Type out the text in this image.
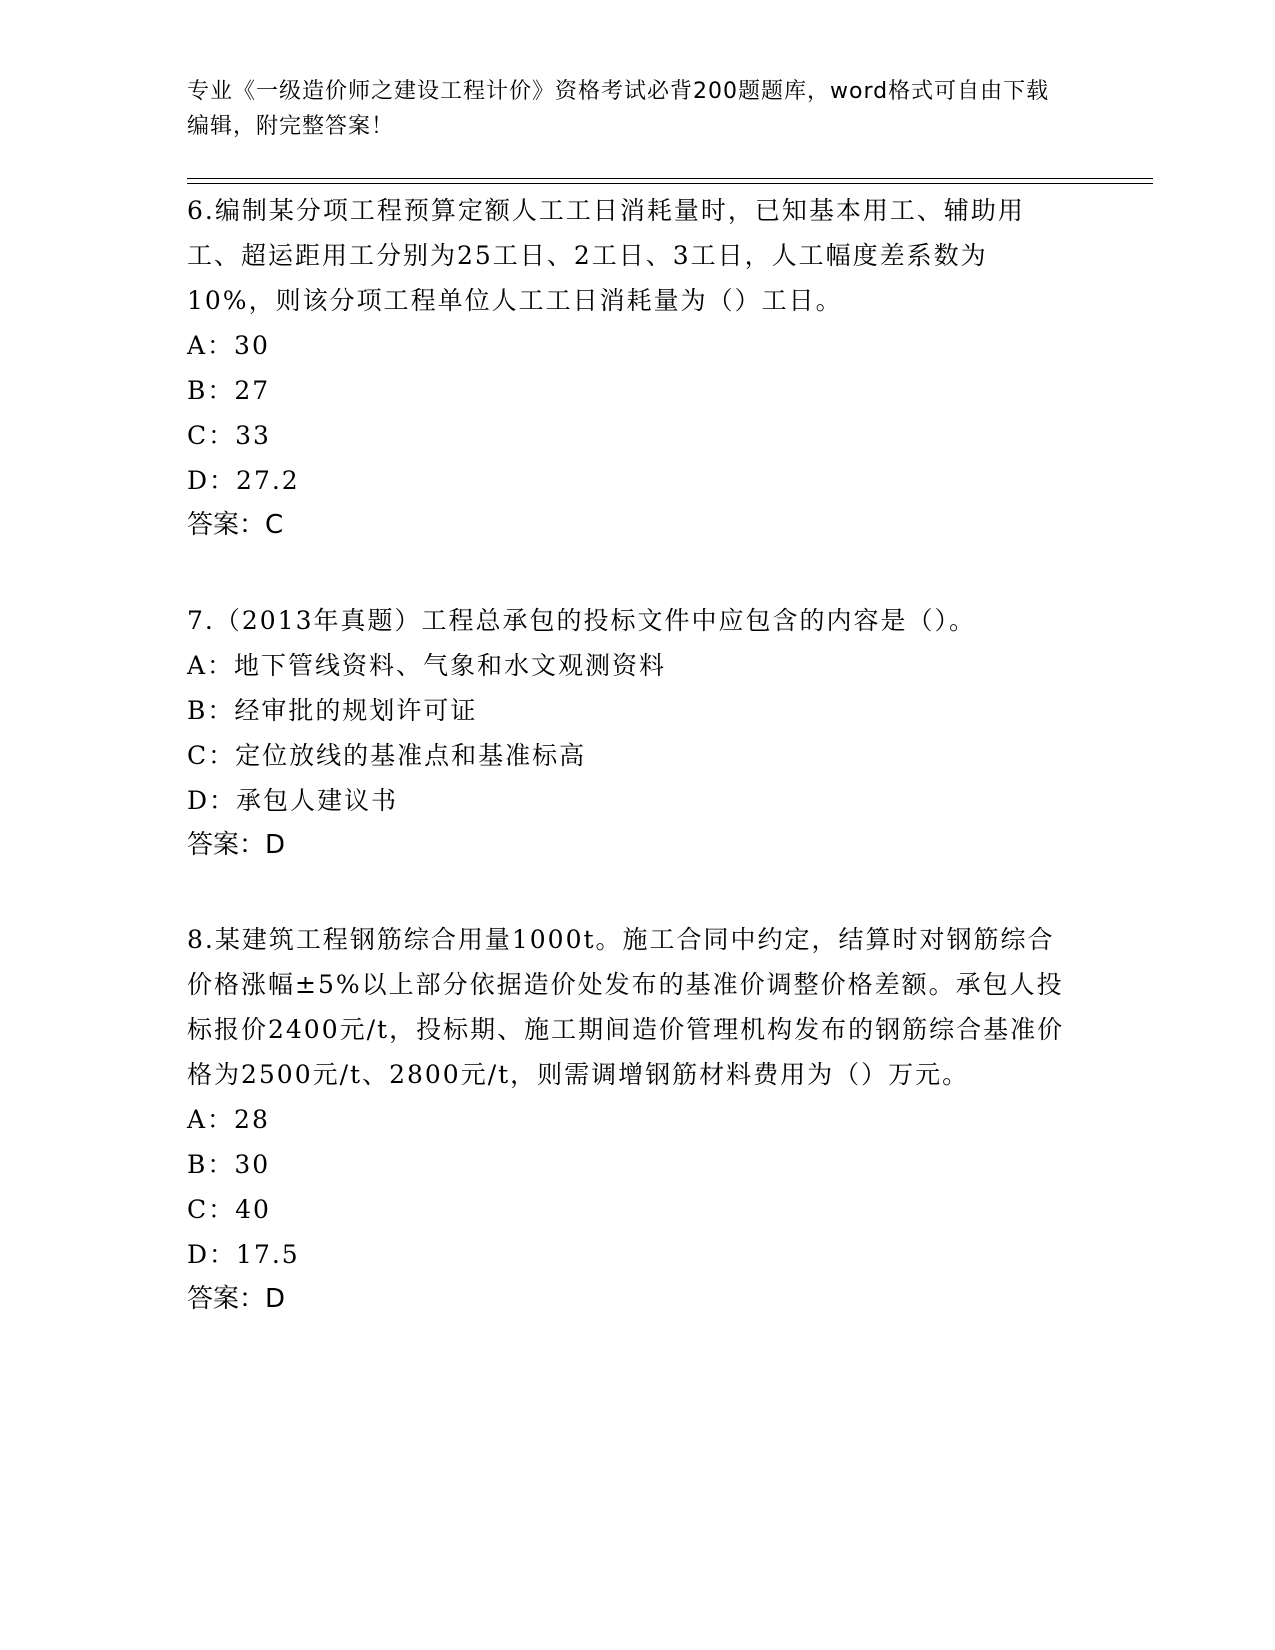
专业《一级造价师之建设工程计价》资格考试必背200题题库，word格式可自由下载编辑，附完整答案！

6.编制某分项工程预算定额人工工日消耗量时，已知基本用工、辅助用工、超运距用工分别为25工日、2工日、3工日，人工幅度差系数为10%，则该分项工程单位人工工日消耗量为（）工日。

A：30

B：27

C：33

D：27.2

答案：C

7.（2013年真题）工程总承包的投标文件中应包含的内容是（）。

A：地下管线资料、气象和水文观测资料

B：经审批的规划许可证

C：定位放线的基准点和基准标高

D：承包人建议书

答案：D

8.某建筑工程钢筋综合用量1000t。施工合同中约定，结算时对钢筋综合价格涨幅±5%以上部分依据造价处发布的基准价调整价格差额。承包人投标报价2400元/t，投标期、施工期间造价管理机构发布的钢筋综合基准价格为2500元/t、2800元/t，则需调增钢筋材料费用为（）万元。

A：28

B：30

C：40

D：17.5

答案：D
